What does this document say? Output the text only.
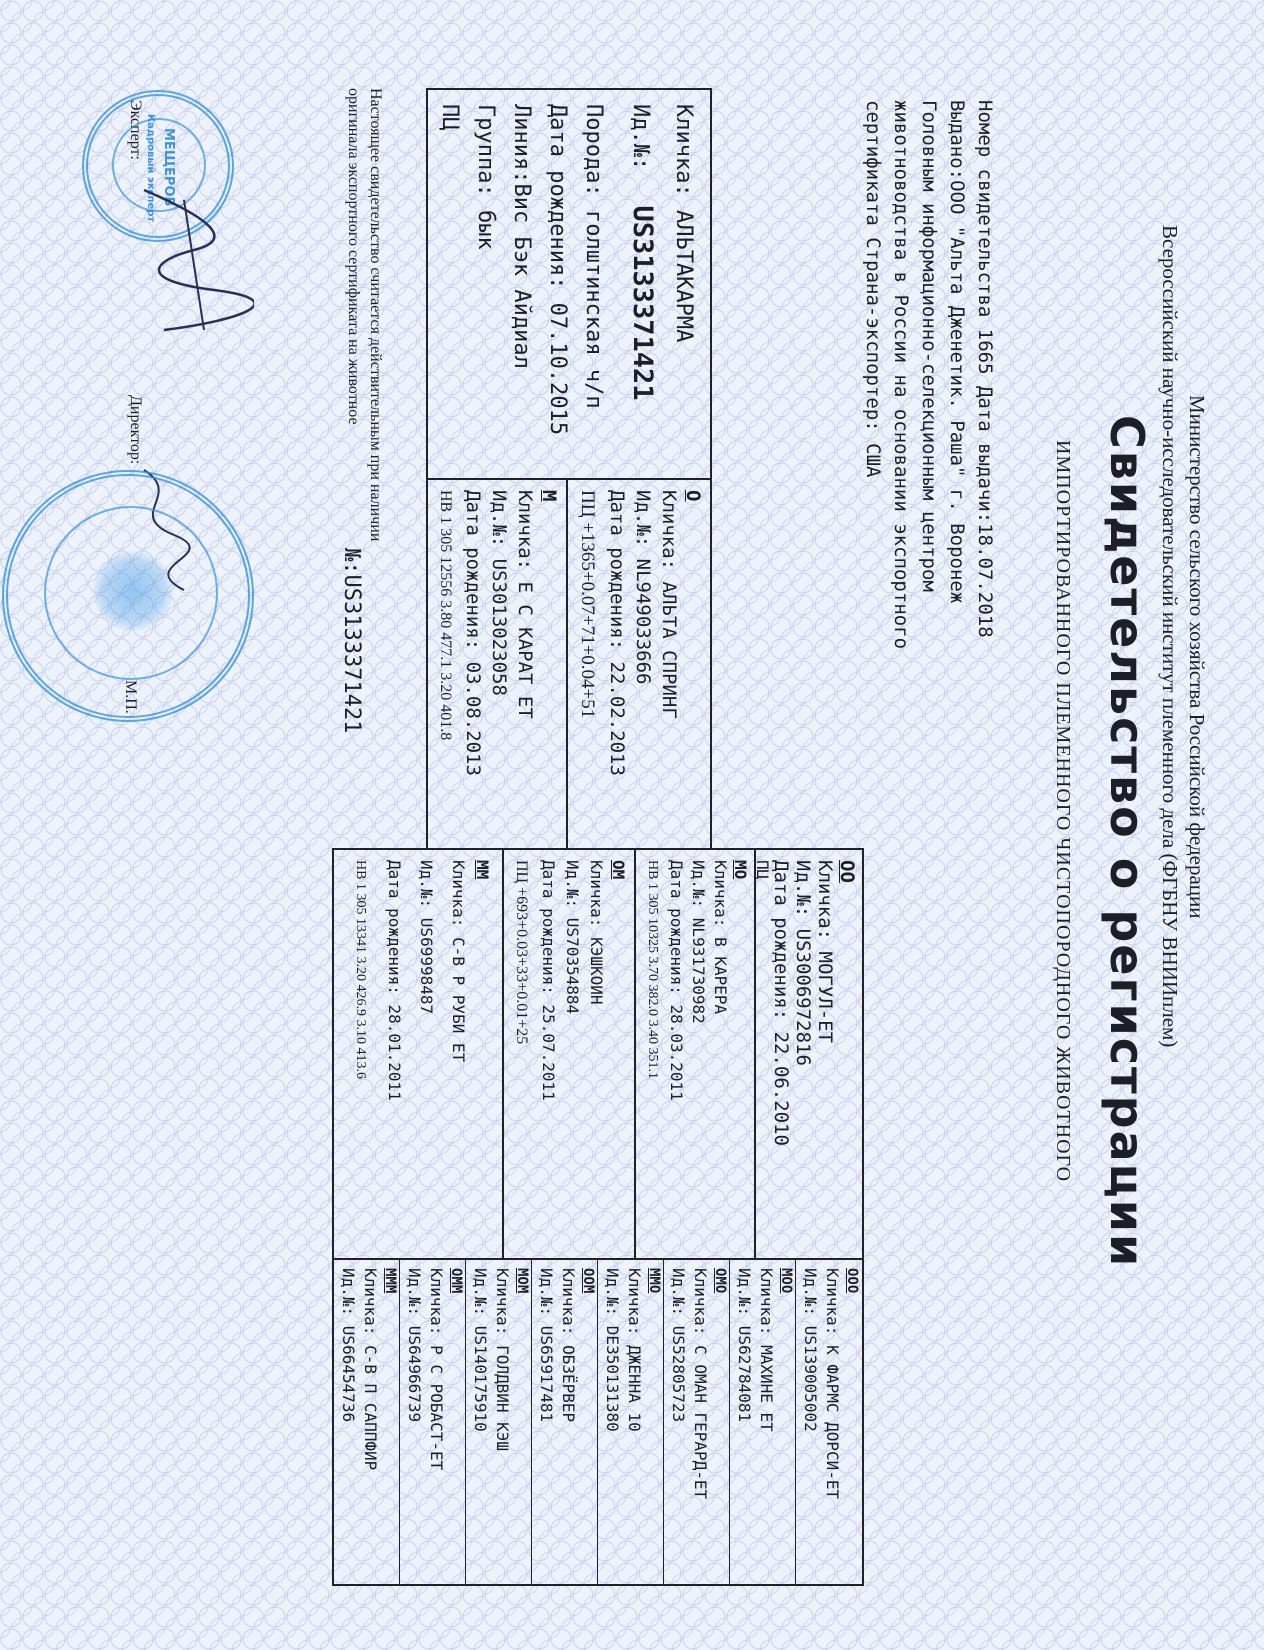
Министерство сельского хозяйства Российской федерации
Всероссийский научно-исследовательский институт племенного дела (ФГБНУ ВНИИплем)
Свидетельство о регистрации
ИМПОРТИРОВАННОГО ПЛЕМЕННОГО ЧИСТОПОРОДНОГО ЖИВОТНОГО
Номер свидетельства 1665 Дата выдачи:18.07.2018
Выдано:ООО "Альта Дженетик. Раша" г. Воронеж
Головным информационно-селекционным центром
животноводства в России на основании экспортного
сертификата Страна-экспортер: США
Кличка: АЛЬТАКАРМА
Ид.№: US3133371421
Порода: голштинская ч/п
Дата рождения: 07.10.2015
Линия:Вис Бэк Айдиал
Группа: бык
ПЦ
О
Кличка: АЛЬТА СПРИНГ
Ид.№: NL949033666
Дата рождения: 22.02.2013
ПЦ +1365+0.07+71+0.04+51
М
Кличка: Е С КАРАТ ЕТ
Ид.№: US3013023058
Дата рождения: 03.08.2013
НВ 1 305 12556 3.80 477.1 3.20 401.8
ОО
Кличка: МОГУЛ-ЕТ
Ид.№: US3006972816
Дата рождения: 22.06.2010
ПЦ
МО
Кличка: В КАРЕРА
Ид.№: NL931730982
Дата рождения: 28.03.2011
НВ 1 305 10325 3.70 382.0 3.40 351.1
ОМ
Кличка: КЭШКОИН
Ид.№: US70354884
Дата рождения: 25.07.2011
ПЦ +693+0.03+33+0.01+25
ММ
Кличка: С-В Р РУБИ ЕТ
Ид.№: US69998487
Дата рождения: 28.01.2011
НВ 1 305 13341 3.20 426.9 3.10 413.6
ООО
Кличка: К ФАРМС ДОРСИ-ЕТ
Ид.№: US139005002
МОО
Кличка: МАХИНЕ ЕТ
Ид.№: US62784081
ОМО
Кличка: С ОМАН ГЕРАРД-ЕТ
Ид.№: US52805723
ММО
Кличка: ДЖЕННА 10
Ид.№: DE350131380
ООМ
Кличка: ОБЗЁРВЕР
Ид.№: US65917481
МОМ
Кличка: ГОЛДВИН КЭШ
Ид.№: US140175910
ОММ
Кличка: Р С РОБАСТ-ЕТ
Ид.№: US64966739
МММ
Кличка: С-В П САППФИР
Ид.№: US66454736
Настоящее свидетельство считается действительным при наличии
оригинала экспортного сертификата на животное
№:US3133371421
Эксперт:
Директор:
М.П.
МЕЩЕРОВ
Кадровый эксперт
